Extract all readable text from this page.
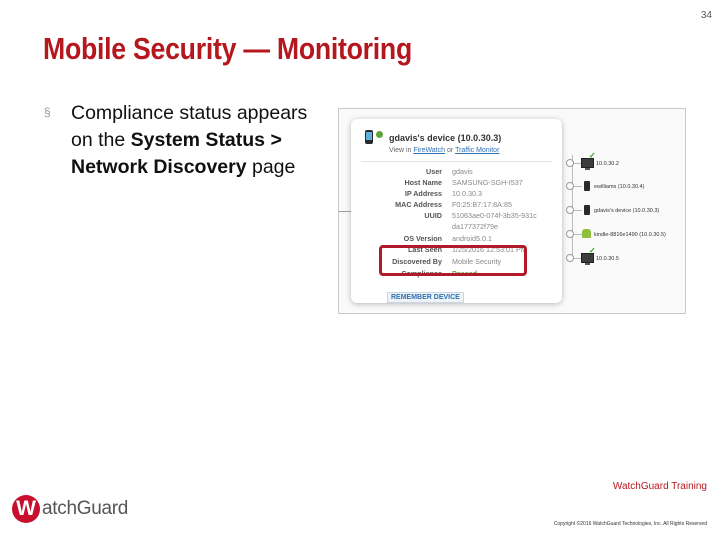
34
Mobile Security — Monitoring
§ Compliance status appears on the System Status > Network Discovery page
gdavis's device (10.0.30.3)
View in FireWatch or Traffic Monitor
User gdavis
Host Name SAMSUNG-SGH-I537
IP Address 10.0.30.3
MAC Address F0:25:B7:17:8A:85
UUID 51063ae0-074f-3b35-931c
da177372f79e
OS Version android5.0.1
Last Seen 1/25/2016 12:53:01 PM
Discovered By Mobile Security
Compliance Passed
REMEMBER DEVICE
✓
10.0.30.2
ewilliams (10.0.30.4)
gdavis's device (10.0.30.3)
kindle-8816e1490 (10.0.30.5)
✓
10.0.30.5
W atchGuard
WatchGuard Training
Copyright ©2016 WatchGuard Technologies, Inc. All Rights Reserved
